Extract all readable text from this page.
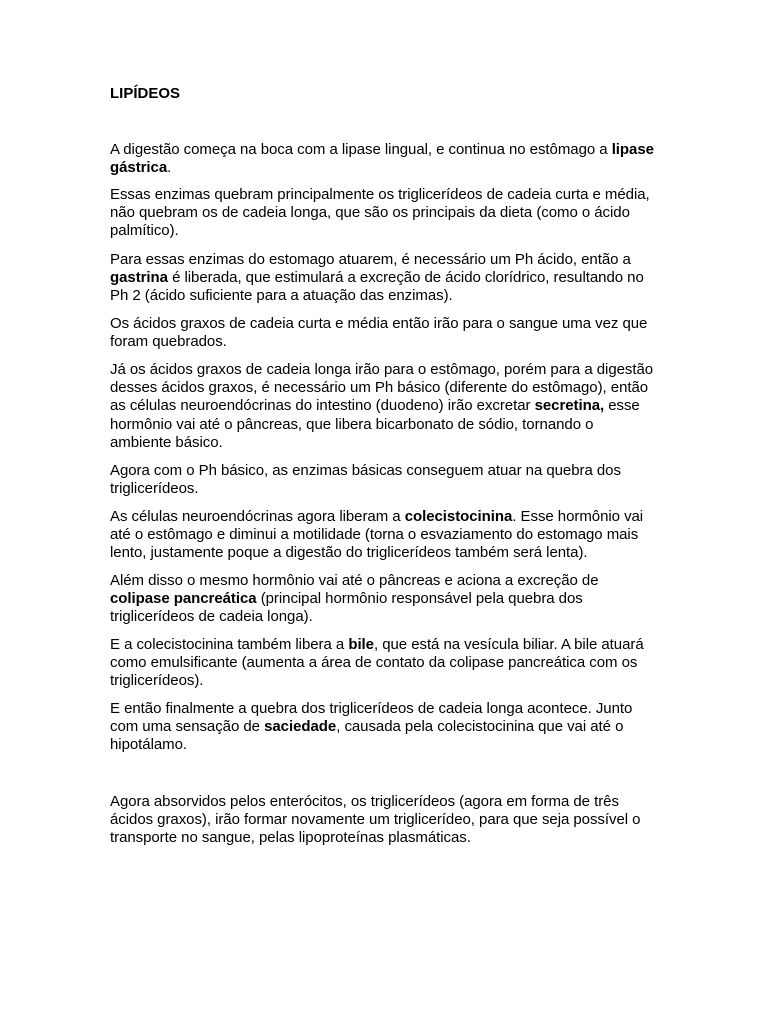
LIPÍDEOS

A digestão começa na boca com a lipase lingual, e continua no estômago a lipase gástrica.

Essas enzimas quebram principalmente os triglicerídeos de cadeia curta e média, não quebram os de cadeia longa, que são os principais da dieta (como o ácido palmítico).

Para essas enzimas do estomago atuarem, é necessário um Ph ácido, então a gastrina é liberada, que estimulará a excreção de ácido clorídrico, resultando no Ph 2 (ácido suficiente para a atuação das enzimas).

Os ácidos graxos de cadeia curta e média então irão para o sangue uma vez que foram quebrados.

Já os ácidos graxos de cadeia longa irão para o estômago, porém para a digestão desses ácidos graxos, é necessário um Ph básico (diferente do estômago), então as células neuroendócrinas do intestino (duodeno) irão excretar secretina, esse hormônio vai até o pâncreas, que libera bicarbonato de sódio, tornando o ambiente básico.

Agora com o Ph básico, as enzimas básicas conseguem atuar na quebra dos triglicerídeos.

As células neuroendócrinas agora liberam a colecistocinina. Esse hormônio vai até o estômago e diminui a motilidade (torna o esvaziamento do estomago mais lento, justamente poque a digestão do triglicerídeos também será lenta).

Além disso o mesmo hormônio vai até o pâncreas e aciona a excreção de colipase pancreática (principal hormônio responsável pela quebra dos triglicerídeos de cadeia longa).

E a colecistocinina também libera a bile, que está na vesícula biliar. A bile atuará como emulsificante (aumenta a área de contato da colipase pancreática com os triglicerídeos).

E então finalmente a quebra dos triglicerídeos de cadeia longa acontece. Junto com uma sensação de saciedade, causada pela colecistocinina que vai até o hipotálamo.

Agora absorvidos pelos enterócitos, os triglicerídeos (agora em forma de três ácidos graxos), irão formar novamente um triglicerídeo, para que seja possível o transporte no sangue, pelas lipoproteínas plasmáticas.
